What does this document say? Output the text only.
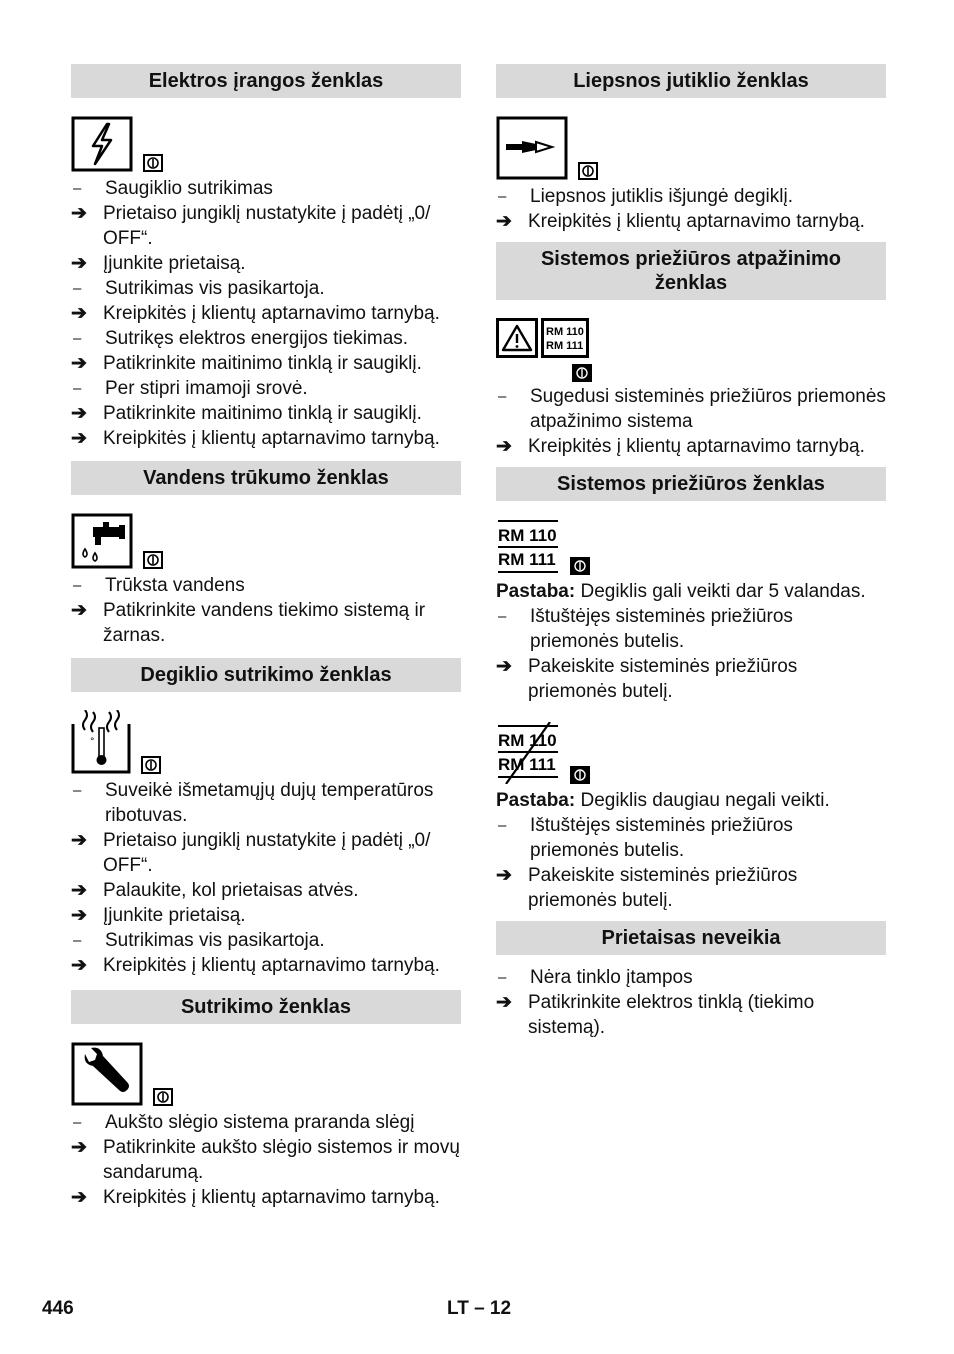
Elektros įrangos ženklas
–	Saugiklio sutrikimas
➔ Prietaiso jungiklį nustatykite į padėtį „0/ OFF“.
➔ Įjunkite prietaisą.
–	Sutrikimas vis pasikartoja.
➔ Kreipkitės į klientų aptarnavimo tarnybą.
–	Sutrikęs elektros energijos tiekimas.
➔ Patikrinkite maitinimo tinklą ir saugiklį.
–	Per stipri imamoji srovė.
➔ Patikrinkite maitinimo tinklą ir saugiklį.
➔ Kreipkitės į klientų aptarnavimo tarnybą.
Vandens trūkumo ženklas
–	Trūksta vandens
➔ Patikrinkite vandens tiekimo sistemą ir žarnas.
Degiklio sutrikimo ženklas
°
–	Suveikė išmetamųjų dujų temperatūros ribotuvas.
➔ Prietaiso jungiklį nustatykite į padėtį „0/ OFF“.
➔ Palaukite, kol prietaisas atvės.
➔ Įjunkite prietaisą.
–	Sutrikimas vis pasikartoja.
➔ Kreipkitės į klientų aptarnavimo tarnybą.
Sutrikimo ženklas
–	Aukšto slėgio sistema praranda slėgį
➔ Patikrinkite aukšto slėgio sistemos ir movų sandarumą.
➔ Kreipkitės į klientų aptarnavimo tarnybą.
Liepsnos jutiklio ženklas
–	Liepsnos jutiklis išjungė degiklį.
➔ Kreipkitės į klientų aptarnavimo tarnybą.
Sistemos priežiūros atpažinimo ženklas
RM 110
RM 111
–	Sugedusi sisteminės priežiūros priemonės atpažinimo sistema
➔ Kreipkitės į klientų aptarnavimo tarnybą.
Sistemos priežiūros ženklas
RM 110
RM 111
Pastaba: Degiklis gali veikti dar 5 valandas.
–	Ištuštėjęs sisteminės priežiūros priemonės butelis.
➔ Pakeiskite sisteminės priežiūros priemonės butelį.
RM 110
RM 111
Pastaba: Degiklis daugiau negali veikti.
–	Ištuštėjęs sisteminės priežiūros priemonės butelis.
➔ Pakeiskite sisteminės priežiūros priemonės butelį.
Prietaisas neveikia
–	Nėra tinklo įtampos
➔ Patikrinkite elektros tinklą (tiekimo sistemą).
446	LT – 12
